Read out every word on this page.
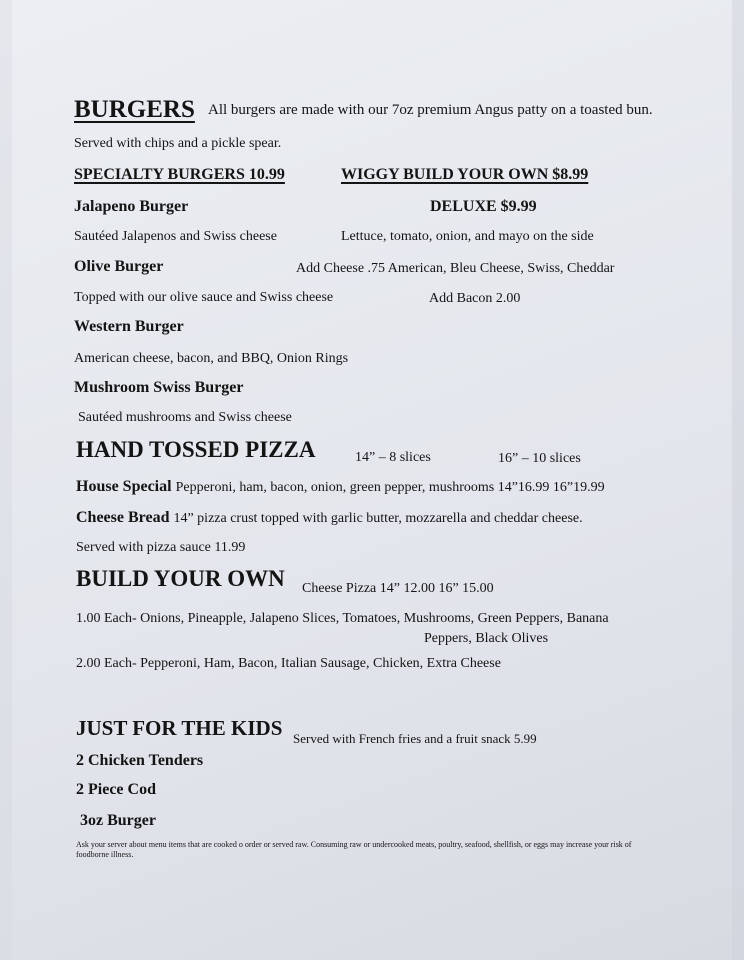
BURGERS All burgers are made with our 7oz premium Angus patty on a toasted bun.
Served with chips and a pickle spear.
SPECIALTY BURGERS 10.99	WIGGY BUILD YOUR OWN $8.99
Jalapeno Burger	DELUXE $9.99
Sautéed Jalapenos and Swiss cheese	Lettuce, tomato, onion, and mayo on the side
Olive Burger	Add Cheese .75 American, Bleu Cheese, Swiss, Cheddar
Topped with our olive sauce and Swiss cheese	Add Bacon 2.00
Western Burger
American cheese, bacon, and BBQ, Onion Rings
Mushroom Swiss Burger
Sautéed mushrooms and Swiss cheese
HAND TOSSED PIZZA	14” – 8 slices	16” – 10 slices
House Special Pepperoni, ham, bacon, onion, green pepper, mushrooms 14”16.99 16”19.99
Cheese Bread 14” pizza crust topped with garlic butter, mozzarella and cheddar cheese.
Served with pizza sauce 11.99
BUILD YOUR OWN Cheese Pizza 14” 12.00 16” 15.00
1.00 Each- Onions, Pineapple, Jalapeno Slices, Tomatoes, Mushrooms, Green Peppers, Banana
Peppers, Black Olives
2.00 Each- Pepperoni, Ham, Bacon, Italian Sausage, Chicken, Extra Cheese
JUST FOR THE KIDS Served with French fries and a fruit snack 5.99
2 Chicken Tenders
2 Piece Cod
3oz Burger
Ask your server about menu items that are cooked o order or served raw. Consuming raw or undercooked meats, poultry, seafood, shellfish, or eggs may increase your risk of foodborne illness.
